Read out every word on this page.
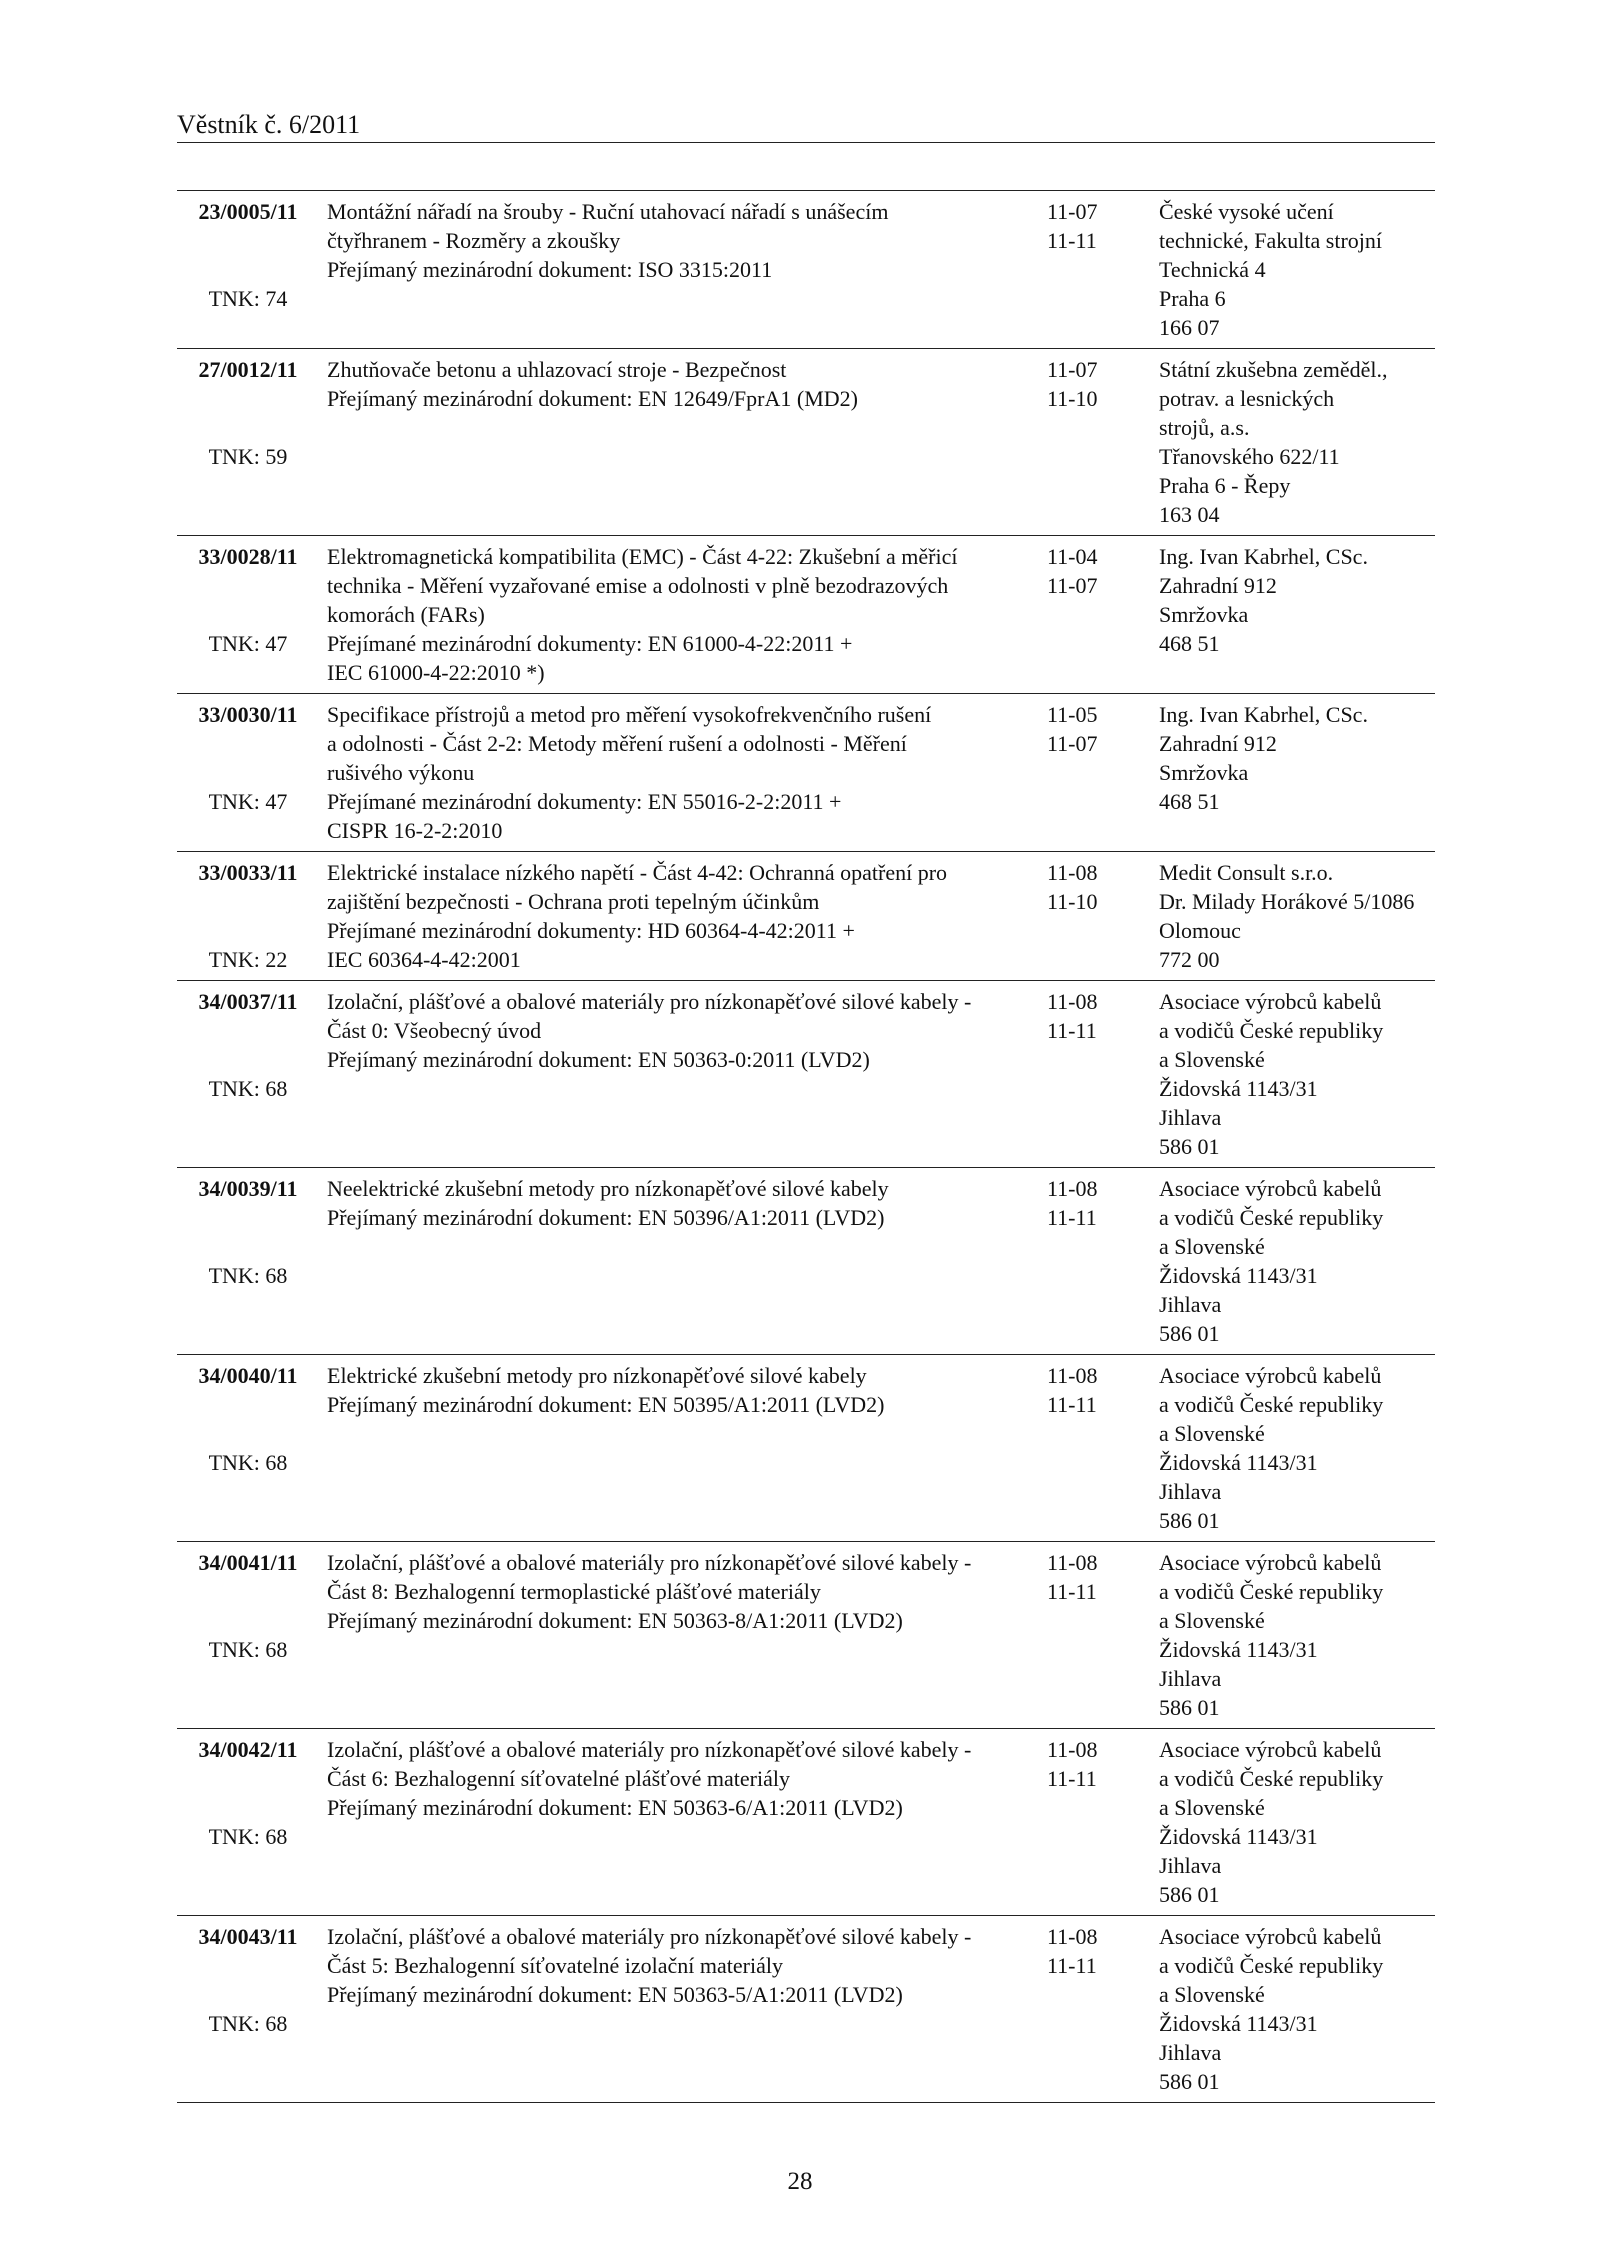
Věstník č. 6/2011
23/0005/11
TNK: 74
Montážní nářadí na šrouby - Ruční utahovací nářadí s unášecím
čtyřhranem - Rozměry a zkoušky
Přejímaný mezinárodní dokument: ISO 3315:2011
11-07
11-11
České vysoké učení
technické, Fakulta strojní
Technická 4
Praha 6
166 07
27/0012/11
TNK: 59
Zhutňovače betonu a uhlazovací stroje - Bezpečnost
Přejímaný mezinárodní dokument: EN 12649/FprA1 (MD2)
11-07
11-10
Státní zkušebna zeměděl.,
potrav. a lesnických
strojů, a.s.
Třanovského 622/11
Praha 6 - Řepy
163 04
33/0028/11
TNK: 47
Elektromagnetická kompatibilita (EMC) - Část 4-22: Zkušební a měřicí
technika - Měření vyzařované emise a odolnosti v plně bezodrazových
komorách (FARs)
Přejímané mezinárodní dokumenty: EN 61000-4-22:2011 +
IEC 61000-4-22:2010 *)
11-04
11-07
Ing. Ivan Kabrhel, CSc.
Zahradní 912
Smržovka
468 51
33/0030/11
TNK: 47
Specifikace přístrojů a metod pro měření vysokofrekvenčního rušení
a odolnosti - Část 2-2: Metody měření rušení a odolnosti - Měření
rušivého výkonu
Přejímané mezinárodní dokumenty: EN 55016-2-2:2011 +
CISPR 16-2-2:2010
11-05
11-07
Ing. Ivan Kabrhel, CSc.
Zahradní 912
Smržovka
468 51
33/0033/11
TNK: 22
Elektrické instalace nízkého napětí - Část 4-42: Ochranná opatření pro
zajištění bezpečnosti - Ochrana proti tepelným účinkům
Přejímané mezinárodní dokumenty: HD 60364-4-42:2011 +
IEC 60364-4-42:2001
11-08
11-10
Medit Consult s.r.o.
Dr. Milady Horákové 5/1086
Olomouc
772 00
34/0037/11
TNK: 68
Izolační, plášťové a obalové materiály pro nízkonapěťové silové kabely -
Část 0: Všeobecný úvod
Přejímaný mezinárodní dokument: EN 50363-0:2011 (LVD2)
11-08
11-11
Asociace výrobců kabelů
a vodičů České republiky
a Slovenské
Židovská 1143/31
Jihlava
586 01
34/0039/11
TNK: 68
Neelektrické zkušební metody pro nízkonapěťové silové kabely
Přejímaný mezinárodní dokument: EN 50396/A1:2011 (LVD2)
11-08
11-11
Asociace výrobců kabelů
a vodičů České republiky
a Slovenské
Židovská 1143/31
Jihlava
586 01
34/0040/11
TNK: 68
Elektrické zkušební metody pro nízkonapěťové silové kabely
Přejímaný mezinárodní dokument: EN 50395/A1:2011 (LVD2)
11-08
11-11
Asociace výrobců kabelů
a vodičů České republiky
a Slovenské
Židovská 1143/31
Jihlava
586 01
34/0041/11
TNK: 68
Izolační, plášťové a obalové materiály pro nízkonapěťové silové kabely -
Část 8: Bezhalogenní termoplastické plášťové materiály
Přejímaný mezinárodní dokument: EN 50363-8/A1:2011 (LVD2)
11-08
11-11
Asociace výrobců kabelů
a vodičů České republiky
a Slovenské
Židovská 1143/31
Jihlava
586 01
34/0042/11
TNK: 68
Izolační, plášťové a obalové materiály pro nízkonapěťové silové kabely -
Část 6: Bezhalogenní síťovatelné plášťové materiály
Přejímaný mezinárodní dokument: EN 50363-6/A1:2011 (LVD2)
11-08
11-11
Asociace výrobců kabelů
a vodičů České republiky
a Slovenské
Židovská 1143/31
Jihlava
586 01
34/0043/11
TNK: 68
Izolační, plášťové a obalové materiály pro nízkonapěťové silové kabely -
Část 5: Bezhalogenní síťovatelné izolační materiály
Přejímaný mezinárodní dokument: EN 50363-5/A1:2011 (LVD2)
11-08
11-11
Asociace výrobců kabelů
a vodičů České republiky
a Slovenské
Židovská 1143/31
Jihlava
586 01
28
